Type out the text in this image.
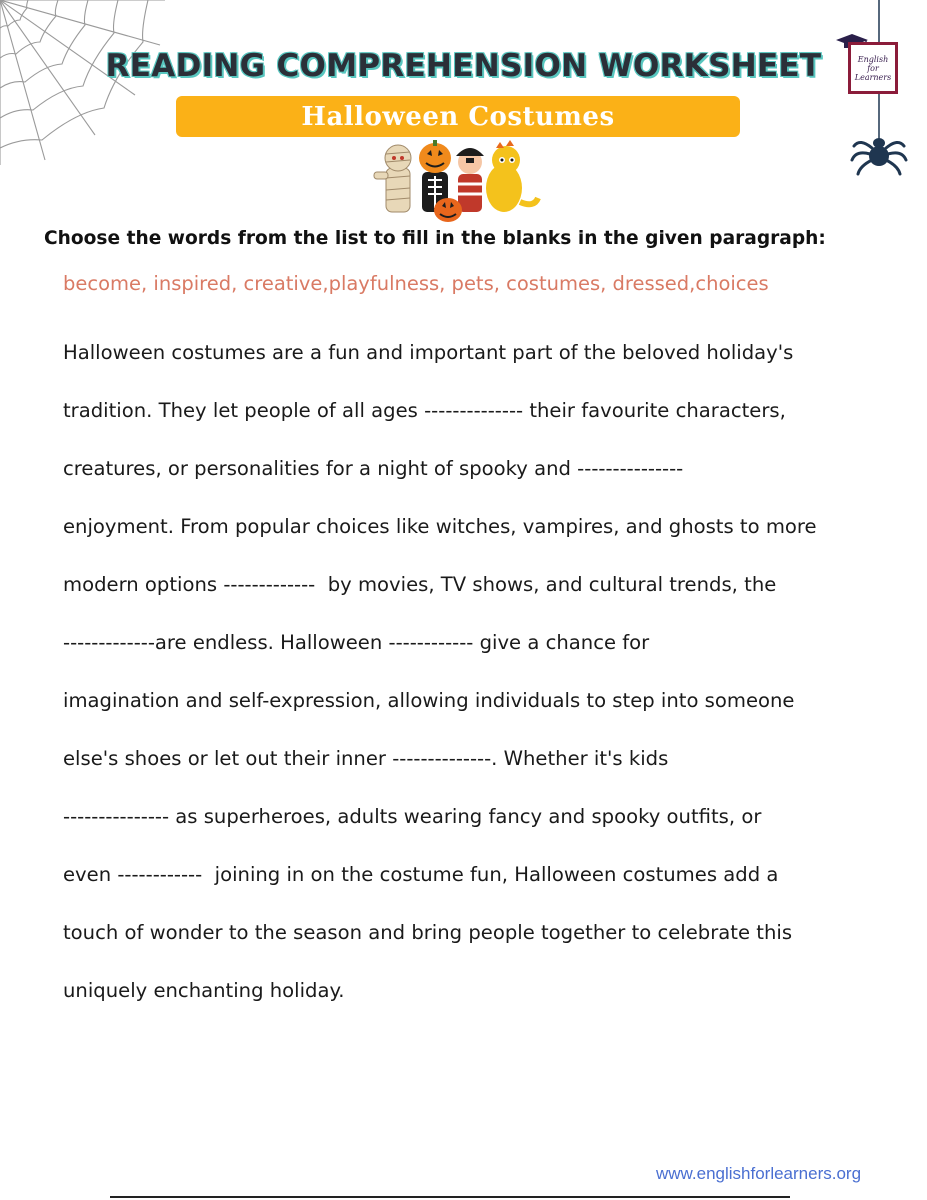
English
for
Learners
READING COMPREHENSION WORKSHEET
Halloween Costumes
Choose the words from the list to fill in the blanks in the given paragraph:
become, inspired, creative,playfulness, pets, costumes, dressed,choices
Halloween costumes are a fun and important part of the beloved holiday's
tradition. They let people of all ages -------------- their favourite characters,
creatures, or personalities for a night of spooky and ---------------
enjoyment. From popular choices like witches, vampires, and ghosts to more
modern options -------------  by movies, TV shows, and cultural trends, the
-------------are endless. Halloween ------------ give a chance for
imagination and self-expression, allowing individuals to step into someone
else's shoes or let out their inner --------------. Whether it's kids
--------------- as superheroes, adults wearing fancy and spooky outfits, or
even ------------  joining in on the costume fun, Halloween costumes add a
touch of wonder to the season and bring people together to celebrate this
uniquely enchanting holiday.
www.englishforlearners.org
